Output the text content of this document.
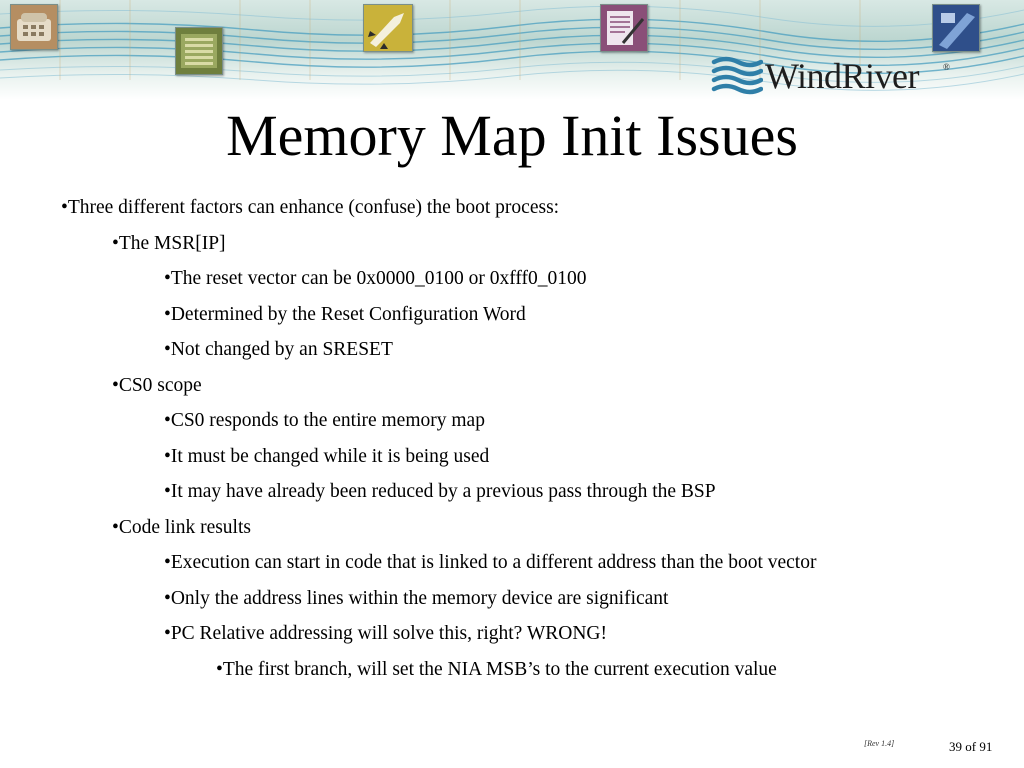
WindRiver	®
Memory Map Init Issues
•Three different factors can enhance (confuse) the boot process:
•The MSR[IP]
•The reset vector can be 0x0000_0100 or 0xfff0_0100
•Determined by the Reset Configuration Word
•Not changed by an SRESET
•CS0 scope
•CS0 responds to the entire memory map
•It must be changed while it is being used
•It may have already been reduced by a previous pass through the BSP
•Code link results
•Execution can start in code that is linked to a different address than the boot vector
•Only the address lines within the memory device are significant
•PC Relative addressing will solve this, right? WRONG!
•The first branch, will set the NIA MSB’s to the current execution value
[Rev 1.4]	39 of 91
